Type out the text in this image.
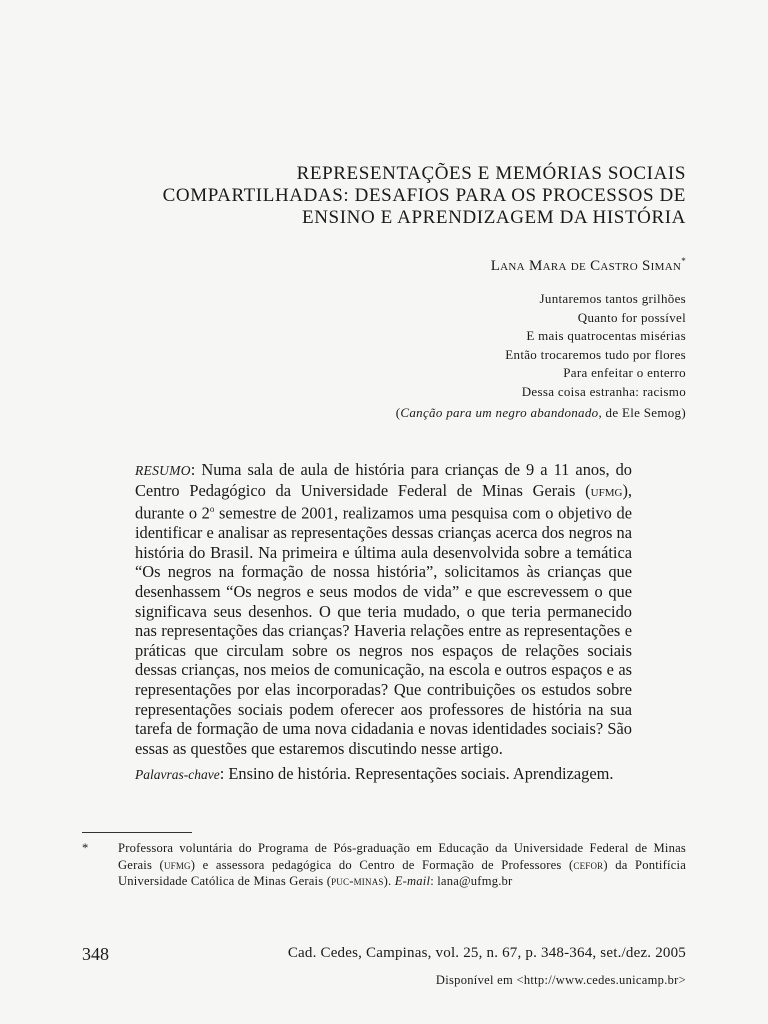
REPRESENTAÇÕES E MEMÓRIAS SOCIAIS
COMPARTILHADAS: DESAFIOS PARA OS PROCESSOS DE
ENSINO E APRENDIZAGEM DA HISTÓRIA
Lana Mara de Castro Siman*
Juntaremos tantos grilhões
Quanto for possível
E mais quatrocentas misérias
Então trocaremos tudo por flores
Para enfeitar o enterro
Dessa coisa estranha: racismo
(Canção para um negro abandonado, de Ele Semog)
RESUMO: Numa sala de aula de história para crianças de 9 a 11 anos, do Centro Pedagógico da Universidade Federal de Minas Gerais (ufmg), durante o 2$^o$ semestre de 2001, realizamos uma pesquisa com o objetivo de identificar e analisar as representações dessas crianças acerca dos negros na história do Brasil. Na primeira e última aula desenvolvida sobre a temática “Os negros na formação de nossa história”, solicitamos às crianças que desenhassem “Os negros e seus modos de vida” e que escrevessem o que significava seus desenhos. O que teria mudado, o que teria permanecido nas representações das crianças? Haveria relações entre as representações e práticas que circulam sobre os negros nos espaços de relações sociais dessas crianças, nos meios de comunicação, na escola e outros espaços e as representações por elas incorporadas? Que contribuições os estudos sobre representações sociais podem oferecer aos professores de história na sua tarefa de formação de uma nova cidadania e novas identidades sociais? São essas as questões que estaremos discutindo nesse artigo.
Palavras-chave: Ensino de história. Representações sociais. Aprendizagem.
* Professora voluntária do Programa de Pós-graduação em Educação da Universidade Federal de Minas Gerais (ufmg) e assessora pedagógica do Centro de Formação de Professores (cefor) da Pontifícia Universidade Católica de Minas Gerais (puc-minas). E-mail: lana@ufmg.br
348	Cad. Cedes, Campinas, vol. 25, n. 67, p. 348-364, set./dez. 2005
Disponível em <http://www.cedes.unicamp.br>
